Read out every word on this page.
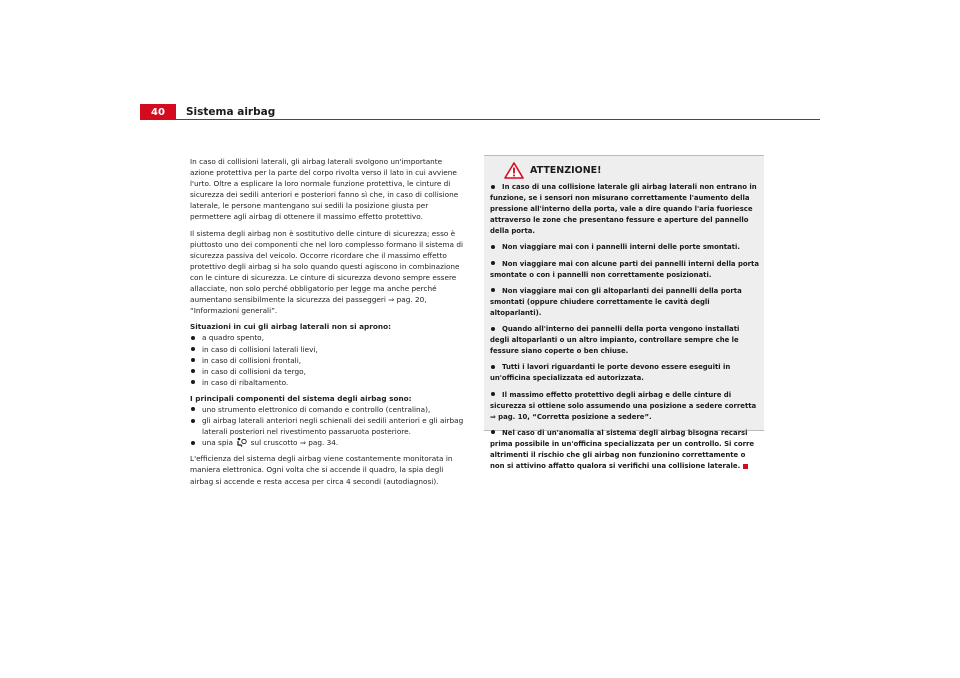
40	Sistema airbag

In caso di collisioni laterali, gli airbag laterali svolgono un'importante azione protettiva per la parte del corpo rivolta verso il lato in cui avviene l'urto. Oltre a esplicare la loro normale funzione protettiva, le cinture di sicurezza dei sedili anteriori e posteriori fanno sì che, in caso di collisione laterale, le persone mantengano sui sedili la posizione giusta per permettere agli airbag di ottenere il massimo effetto protettivo.

Il sistema degli airbag non è sostitutivo delle cinture di sicurezza; esso è piuttosto uno dei componenti che nel loro complesso formano il sistema di sicurezza passiva del veicolo. Occorre ricordare che il massimo effetto protettivo degli airbag si ha solo quando questi agiscono in combinazione con le cinture di sicurezza. Le cinture di sicurezza devono sempre essere allacciate, non solo perché obbligatorio per legge ma anche perché aumentano sensibilmente la sicurezza dei passeggeri ⇒ pag. 20, “Informazioni generali”.

Situazioni in cui gli airbag laterali non si aprono:

a quadro spento,
in caso di collisioni laterali lievi,
in caso di collisioni frontali,
in caso di collisioni da tergo,
in caso di ribaltamento.

I principali componenti del sistema degli airbag sono:

uno strumento elettronico di comando e controllo (centralina),
gli airbag laterali anteriori negli schienali dei sedili anteriori e gli airbag laterali posteriori nel rivestimento passaruota posteriore.
una spia sul cruscotto ⇒ pag. 34.

L'efficienza del sistema degli airbag viene costantemente monitorata in maniera elettronica. Ogni volta che si accende il quadro, la spia degli airbag si accende e resta accesa per circa 4 secondi (autodiagnosi).

ATTENZIONE!
In caso di una collisione laterale gli airbag laterali non entrano in funzione, se i sensori non misurano correttamente l'aumento della pressione all'interno della porta, vale a dire quando l'aria fuoriesce attraverso le zone che presentano fessure e aperture del pannello della porta.
Non viaggiare mai con i pannelli interni delle porte smontati.
Non viaggiare mai con alcune parti dei pannelli interni della porta smontate o con i pannelli non correttamente posizionati.
Non viaggiare mai con gli altoparlanti dei pannelli della porta smontati (oppure chiudere correttamente le cavità degli altoparlanti).
Quando all'interno dei pannelli della porta vengono installati degli altoparlanti o un altro impianto, controllare sempre che le fessure siano coperte o ben chiuse.
Tutti i lavori riguardanti le porte devono essere eseguiti in un'officina specializzata ed autorizzata.
Il massimo effetto protettivo degli airbag e delle cinture di sicurezza si ottiene solo assumendo una posizione a sedere corretta ⇒ pag. 10, “Corretta posizione a sedere”.
Nel caso di un'anomalia al sistema degli airbag bisogna recarsi prima possibile in un'officina specializzata per un controllo. Si corre altrimenti il rischio che gli airbag non funzionino correttamente o non si attivino affatto qualora si verifichi una collisione laterale.
